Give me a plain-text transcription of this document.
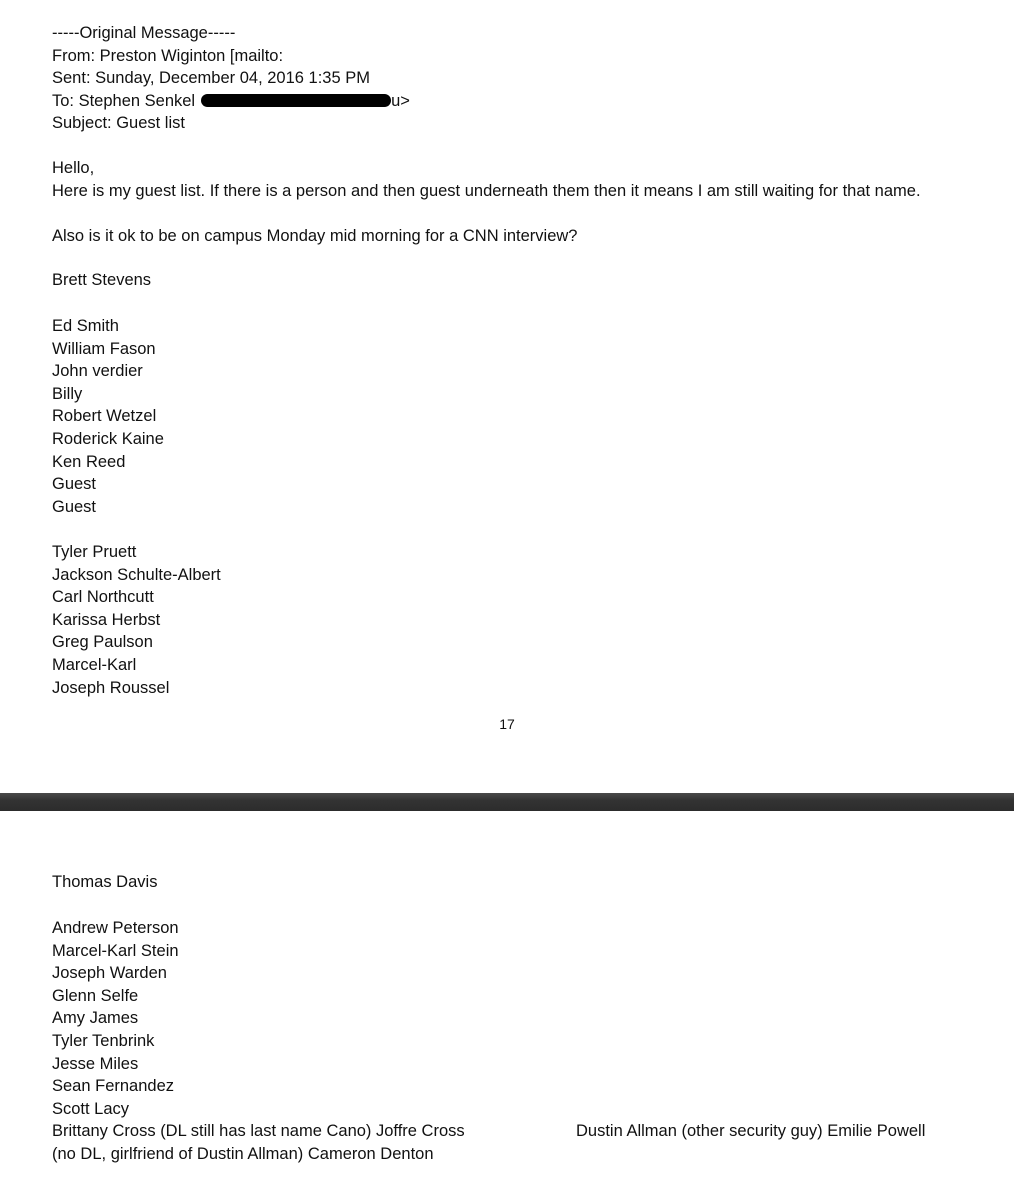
-----Original Message-----
From: Preston Wiginton [mailto:
Sent: Sunday, December 04, 2016 1:35 PM
To: Stephen Senkel	u>
Subject: Guest list
Hello,
Here is my guest list. If there is a person and then guest underneath them then it means I am still waiting for that name.
Also is it ok to be on campus Monday mid morning for a CNN interview?
Brett Stevens
Ed Smith
William Fason
John verdier
Billy
Robert Wetzel
Roderick Kaine
Ken Reed
Guest
Guest
Tyler Pruett
Jackson Schulte-Albert
Carl Northcutt
Karissa Herbst
Greg Paulson
Marcel-Karl
Joseph Roussel
17
Thomas Davis
Andrew Peterson
Marcel-Karl Stein
Joseph Warden
Glenn Selfe
Amy James
Tyler Tenbrink
Jesse Miles
Sean Fernandez
Scott Lacy
Brittany Cross (DL still has last name Cano) Joffre Cross
(no DL, girlfriend of Dustin Allman) Cameron Denton
Dustin Allman (other security guy) Emilie Powell
